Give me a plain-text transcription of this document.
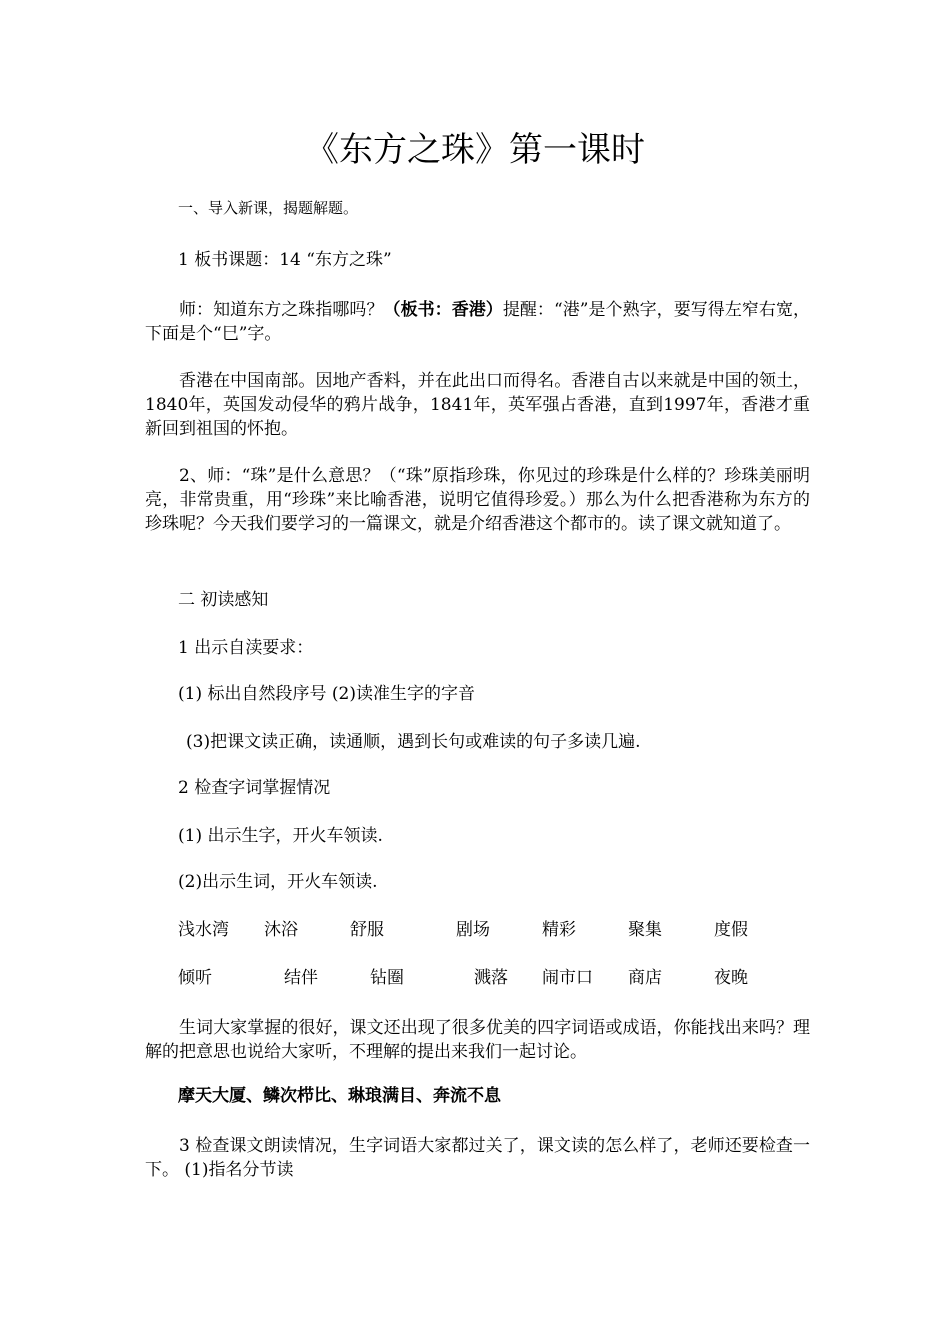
《东方之珠》第一课时

一、导入新课，揭题解题。

1 板书课题：14 “东方之珠”

师：知道东方之珠指哪吗？（板书：香港）提醒：“港”是个熟字，要写得左窄右宽，下面是个“巳”字。

香港在中国南部。因地产香料，并在此出口而得名。香港自古以来就是中国的领土，1840年，英国发动侵华的鸦片战争，1841年，英军强占香港，直到1997年，香港才重新回到祖国的怀抱。

2、师：“珠”是什么意思？（“珠”原指珍珠，你见过的珍珠是什么样的？珍珠美丽明亮，非常贵重，用“珍珠”来比喻香港，说明它值得珍爱。）那么为什么把香港称为东方的珍珠呢？今天我们要学习的一篇课文，就是介绍香港这个都市的。读了课文就知道了。

二 初读感知

1 出示自渎要求：

(1) 标出自然段序号 (2)读准生字的字音

(3)把课文读正确，读通顺，遇到长句或难读的句子多读几遍.

2 检查字词掌握情况

(1) 出示生字，开火车领读.

(2)出示生词，开火车领读.

浅水湾 沐浴	舒服	剧场	精彩	聚集	度假
倾听	结伴	钻圈	溅落 闹市口 商店	夜晚

生词大家掌握的很好，课文还出现了很多优美的四字词语或成语，你能找出来吗？理解的把意思也说给大家听，不理解的提出来我们一起讨论。

摩天大厦、鳞次栉比、琳琅满目、奔流不息

3 检查课文朗读情况，生字词语大家都过关了，课文读的怎么样了，老师还要检查一下。 (1)指名分节读
